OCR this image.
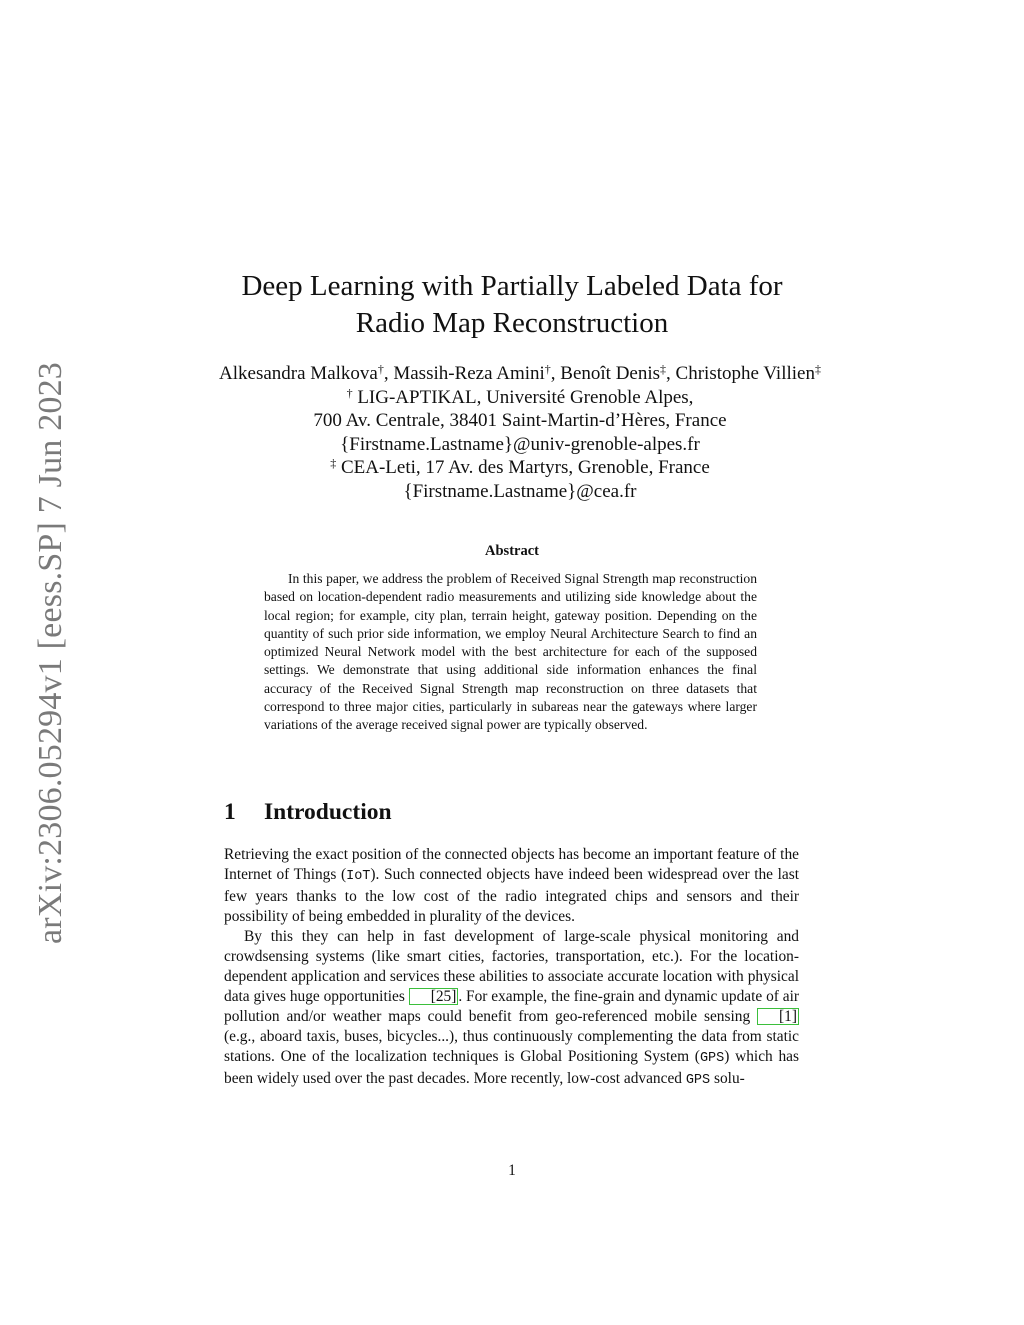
arXiv:2306.05294v1 [eess.SP] 7 Jun 2023
Deep Learning with Partially Labeled Data for
Radio Map Reconstruction
Alkesandra Malkova†, Massih-Reza Amini†, Benoît Denis‡, Christophe Villien‡
† LIG-APTIKAL, Université Grenoble Alpes,
700 Av. Centrale, 38401 Saint-Martin-d’Hères, France
{Firstname.Lastname}@univ-grenoble-alpes.fr
‡ CEA-Leti, 17 Av. des Martyrs, Grenoble, France
{Firstname.Lastname}@cea.fr
Abstract

In this paper, we address the problem of Received Signal Strength map reconstruction based on location-dependent radio measurements and utilizing side knowledge about the local region; for example, city plan, terrain height, gateway position. Depending on the quantity of such prior side information, we employ Neural Architecture Search to find an optimized Neural Network model with the best architecture for each of the supposed settings. We demonstrate that using additional side information enhances the final accuracy of the Received Signal Strength map reconstruction on three datasets that correspond to three major cities, particularly in subareas near the gateways where larger variations of the average received signal power are typically observed.

1 Introduction

Retrieving the exact position of the connected objects has become an important feature of the Internet of Things (IoT). Such connected objects have indeed been widespread over the last few years thanks to the low cost of the radio integrated chips and sensors and their possibility of being embedded in plurality of the devices.

By this they can help in fast development of large-scale physical monitoring and crowdsensing systems (like smart cities, factories, transportation, etc.). For the location-dependent application and services these abilities to associate accurate location with physical data gives huge opportunities [25] . For example, the fine-grain and dynamic update of air pollution and/or weather maps could benefit from geo-referenced mobile sensing [1] (e.g., aboard taxis, buses, bicycles...), thus continuously complementing the data from static stations. One of the localization techniques is Global Positioning System (GPS) which has been widely used over the past decades. More recently, low-cost advanced GPS solu-

1
